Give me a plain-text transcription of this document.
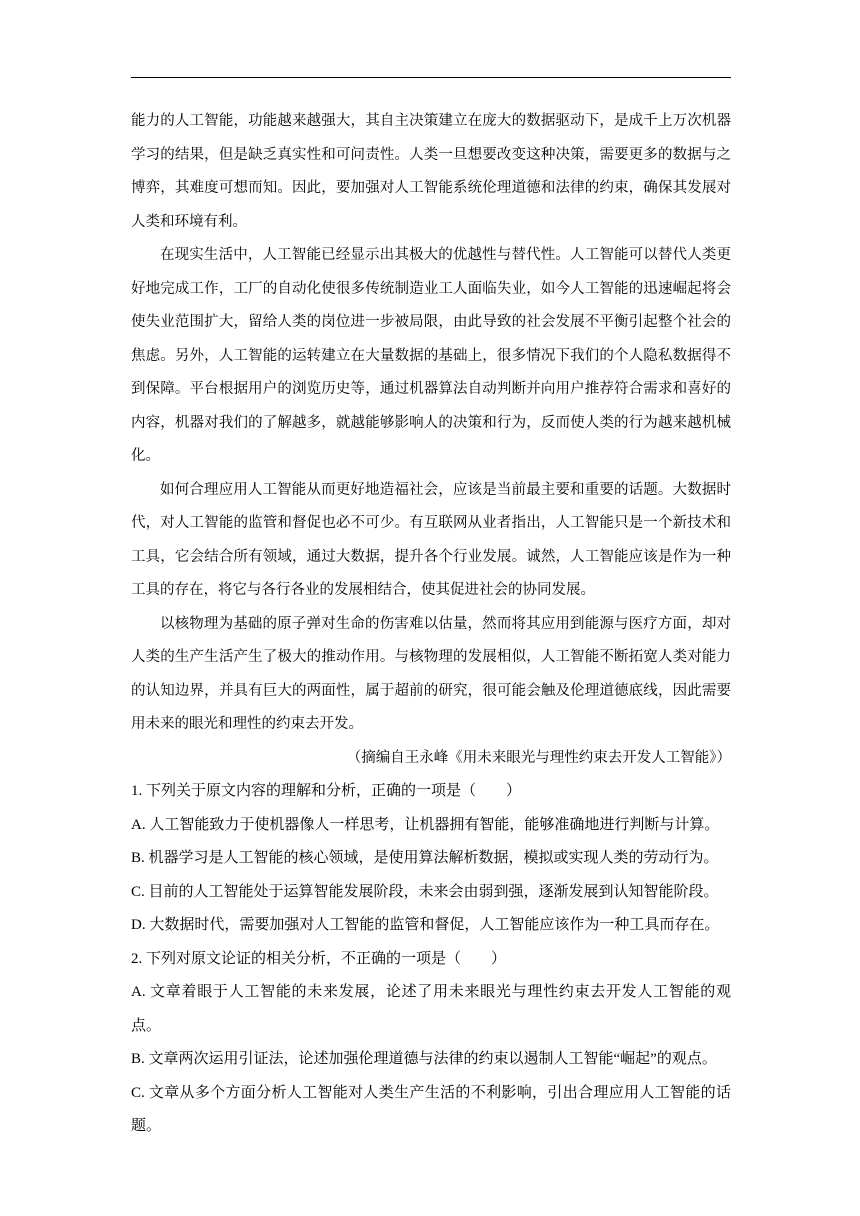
能力的人工智能，功能越来越强大，其自主决策建立在庞大的数据驱动下，是成千上万次机器学习的结果，但是缺乏真实性和可问责性。人类一旦想要改变这种决策，需要更多的数据与之博弈，其难度可想而知。因此，要加强对人工智能系统伦理道德和法律的约束，确保其发展对人类和环境有利。

在现实生活中，人工智能已经显示出其极大的优越性与替代性。人工智能可以替代人类更好地完成工作，工厂的自动化使很多传统制造业工人面临失业，如今人工智能的迅速崛起将会使失业范围扩大，留给人类的岗位进一步被局限，由此导致的社会发展不平衡引起整个社会的焦虑。另外，人工智能的运转建立在大量数据的基础上，很多情况下我们的个人隐私数据得不到保障。平台根据用户的浏览历史等，通过机器算法自动判断并向用户推荐符合需求和喜好的内容，机器对我们的了解越多，就越能够影响人的决策和行为，反而使人类的行为越来越机械化。

如何合理应用人工智能从而更好地造福社会，应该是当前最主要和重要的话题。大数据时代，对人工智能的监管和督促也必不可少。有互联网从业者指出，人工智能只是一个新技术和工具，它会结合所有领域，通过大数据，提升各个行业发展。诚然，人工智能应该是作为一种工具的存在，将它与各行各业的发展相结合，使其促进社会的协同发展。

以核物理为基础的原子弹对生命的伤害难以估量，然而将其应用到能源与医疗方面，却对人类的生产生活产生了极大的推动作用。与核物理的发展相似，人工智能不断拓宽人类对能力的认知边界，并具有巨大的两面性，属于超前的研究，很可能会触及伦理道德底线，因此需要用未来的眼光和理性的约束去开发。

（摘编自王永峰《用未来眼光与理性约束去开发人工智能》）

1. 下列关于原文内容的理解和分析，正确的一项是（　　）

A. 人工智能致力于使机器像人一样思考，让机器拥有智能，能够准确地进行判断与计算。

B. 机器学习是人工智能的核心领域，是使用算法解析数据，模拟或实现人类的劳动行为。

C. 目前的人工智能处于运算智能发展阶段，未来会由弱到强，逐渐发展到认知智能阶段。

D. 大数据时代，需要加强对人工智能的监管和督促，人工智能应该作为一种工具而存在。

2. 下列对原文论证的相关分析，不正确的一项是（　　）

A. 文章着眼于人工智能的未来发展，论述了用未来眼光与理性约束去开发人工智能的观点。

B. 文章两次运用引证法，论述加强伦理道德与法律的约束以遏制人工智能“崛起”的观点。

C. 文章从多个方面分析人工智能对人类生产生活的不利影响，引出合理应用人工智能的话题。
